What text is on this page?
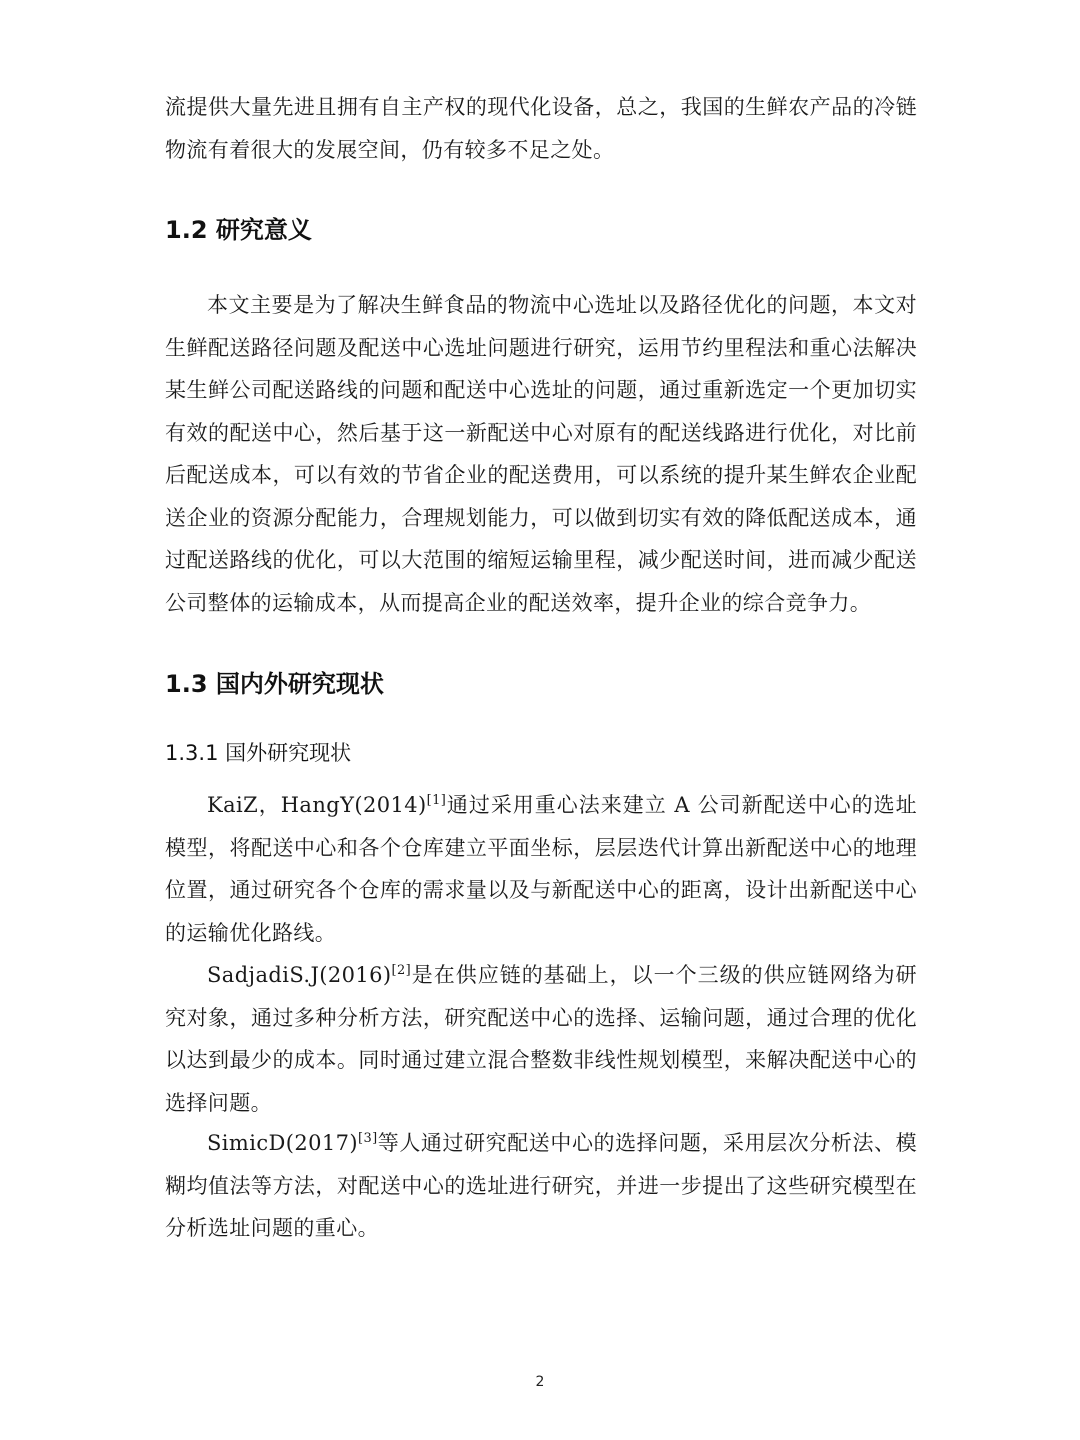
流提供大量先进且拥有自主产权的现代化设备，总之，我国的生鲜农产品的冷链物流有着很大的发展空间，仍有较多不足之处。

1.2 研究意义

本文主要是为了解决生鲜食品的物流中心选址以及路径优化的问题，本文对生鲜配送路径问题及配送中心选址问题进行研究，运用节约里程法和重心法解决某生鲜公司配送路线的问题和配送中心选址的问题，通过重新选定一个更加切实有效的配送中心，然后基于这一新配送中心对原有的配送线路进行优化，对比前后配送成本，可以有效的节省企业的配送费用，可以系统的提升某生鲜农企业配送企业的资源分配能力，合理规划能力，可以做到切实有效的降低配送成本，通过配送路线的优化，可以大范围的缩短运输里程，减少配送时间，进而减少配送公司整体的运输成本，从而提高企业的配送效率，提升企业的综合竞争力。

1.3 国内外研究现状
1.3.1 国外研究现状

KaiZ，HangY(2014)[1]通过采用重心法来建立 A 公司新配送中心的选址模型，将配送中心和各个仓库建立平面坐标，层层迭代计算出新配送中心的地理位置，通过研究各个仓库的需求量以及与新配送中心的距离，设计出新配送中心的运输优化路线。

SadjadiS.J(2016)[2]是在供应链的基础上，以一个三级的供应链网络为研究对象，通过多种分析方法，研究配送中心的选择、运输问题，通过合理的优化以达到最少的成本。同时通过建立混合整数非线性规划模型，来解决配送中心的选择问题。

SimicD(2017)[3]等人通过研究配送中心的选择问题，采用层次分析法、模糊均值法等方法，对配送中心的选址进行研究，并进一步提出了这些研究模型在分析选址问题的重心。

2
